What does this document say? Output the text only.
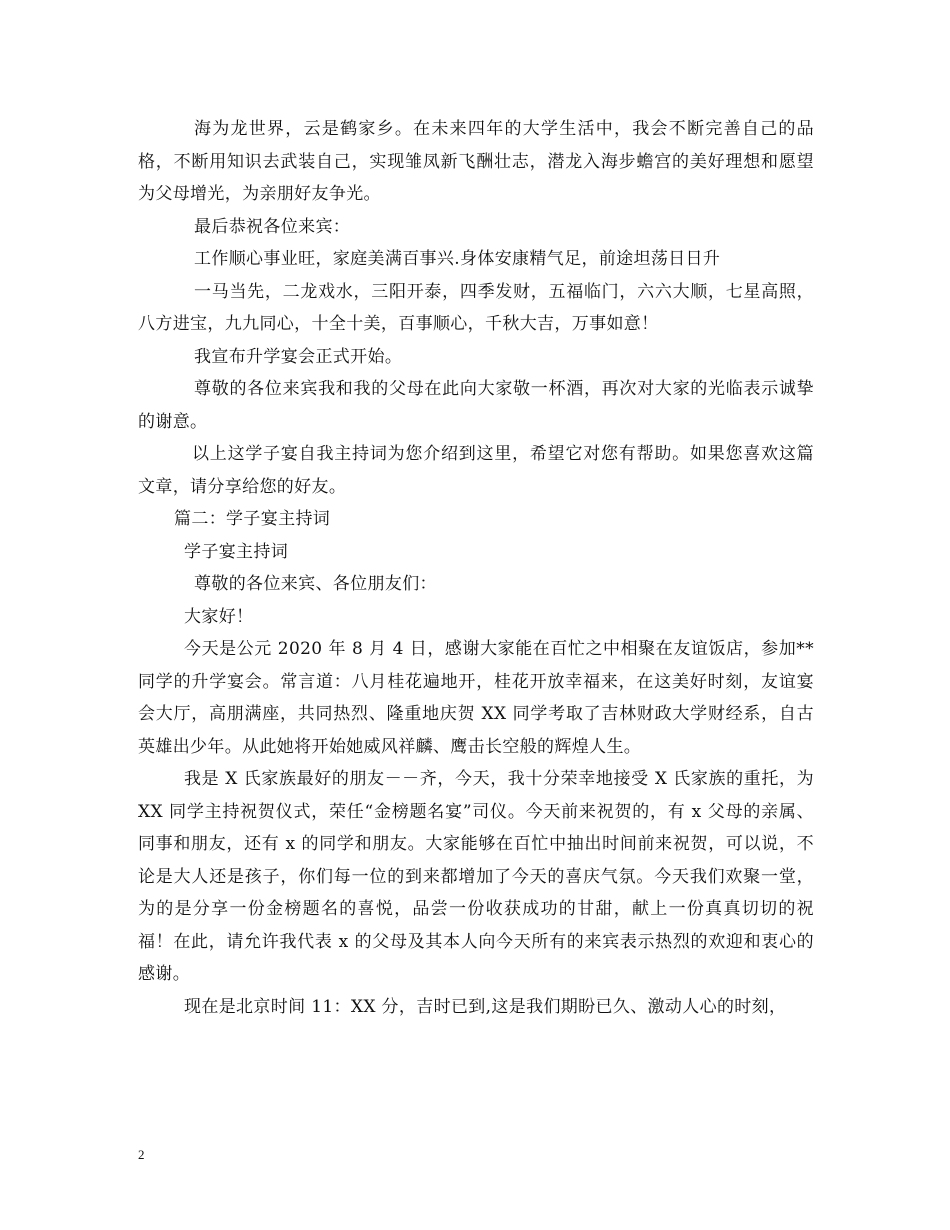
海为龙世界，云是鹤家乡。在未来四年的大学生活中，我会不断完善自己的品格，不断用知识去武装自己，实现雏凤新飞酬壮志，潜龙入海步蟾宫的美好理想和愿望为父母增光，为亲朋好友争光。

最后恭祝各位来宾：

工作顺心事业旺，家庭美满百事兴.身体安康精气足，前途坦荡日日升

一马当先，二龙戏水，三阳开泰，四季发财，五福临门，六六大顺，七星高照，八方进宝，九九同心，十全十美，百事顺心，千秋大吉，万事如意！

我宣布升学宴会正式开始。

尊敬的各位来宾我和我的父母在此向大家敬一杯酒，再次对大家的光临表示诚挚的谢意。

以上这学子宴自我主持词为您介绍到这里，希望它对您有帮助。如果您喜欢这篇文章，请分享给您的好友。

篇二：学子宴主持词

学子宴主持词

尊敬的各位来宾、各位朋友们：

大家好！

今天是公元 2020 年 8 月 4 日，感谢大家能在百忙之中相聚在友谊饭店，参加**同学的升学宴会。常言道：八月桂花遍地开，桂花开放幸福来，在这美好时刻，友谊宴会大厅，高朋满座，共同热烈、隆重地庆贺 XX 同学考取了吉林财政大学财经系，自古英雄出少年。从此她将开始她威风祥麟、鹰击长空般的辉煌人生。

我是 X 氏家族最好的朋友－－齐，今天，我十分荣幸地接受 X 氏家族的重托，为 XX 同学主持祝贺仪式，荣任“金榜题名宴”司仪。今天前来祝贺的，有 x 父母的亲属、同事和朋友，还有 x 的同学和朋友。大家能够在百忙中抽出时间前来祝贺，可以说，不论是大人还是孩子，你们每一位的到来都增加了今天的喜庆气氛。今天我们欢聚一堂，为的是分享一份金榜题名的喜悦，品尝一份收获成功的甘甜，献上一份真真切切的祝福！在此，请允许我代表 x 的父母及其本人向今天所有的来宾表示热烈的欢迎和衷心的感谢。

现在是北京时间 11：XX 分，吉时已到,这是我们期盼已久、激动人心的时刻，

2
